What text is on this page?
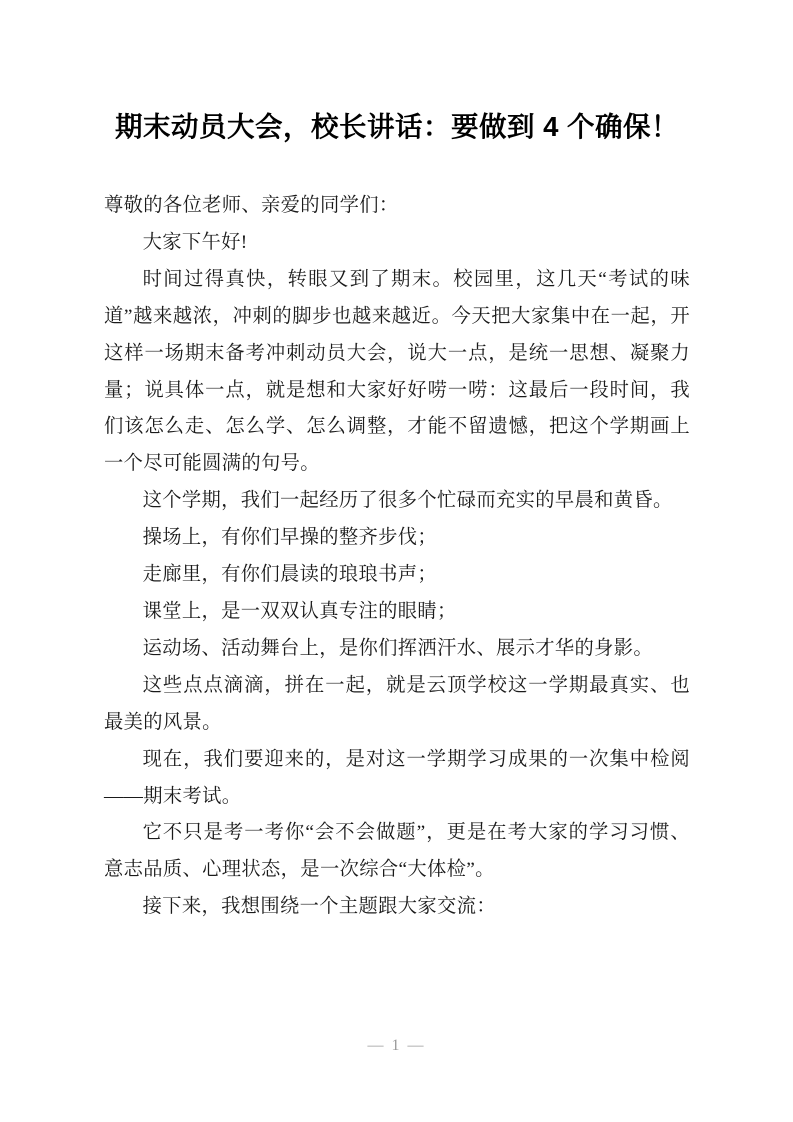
期末动员大会，校长讲话：要做到 4 个确保！

尊敬的各位老师、亲爱的同学们：

大家下午好!

时间过得真快，转眼又到了期末。校园里，这几天“考试的味道”越来越浓，冲刺的脚步也越来越近。今天把大家集中在一起，开这样一场期末备考冲刺动员大会，说大一点，是统一思想、凝聚力量；说具体一点，就是想和大家好好唠一唠：这最后一段时间，我们该怎么走、怎么学、怎么调整，才能不留遗憾，把这个学期画上一个尽可能圆满的句号。

这个学期，我们一起经历了很多个忙碌而充实的早晨和黄昏。

操场上，有你们早操的整齐步伐；

走廊里，有你们晨读的琅琅书声；

课堂上，是一双双认真专注的眼睛；

运动场、活动舞台上，是你们挥洒汗水、展示才华的身影。

这些点点滴滴，拼在一起，就是云顶学校这一学期最真实、也最美的风景。

现在，我们要迎来的，是对这一学期学习成果的一次集中检阅——期末考试。

它不只是考一考你“会不会做题”，更是在考大家的学习习惯、意志品质、心理状态，是一次综合“大体检”。

接下来，我想围绕一个主题跟大家交流：

— 1 —
